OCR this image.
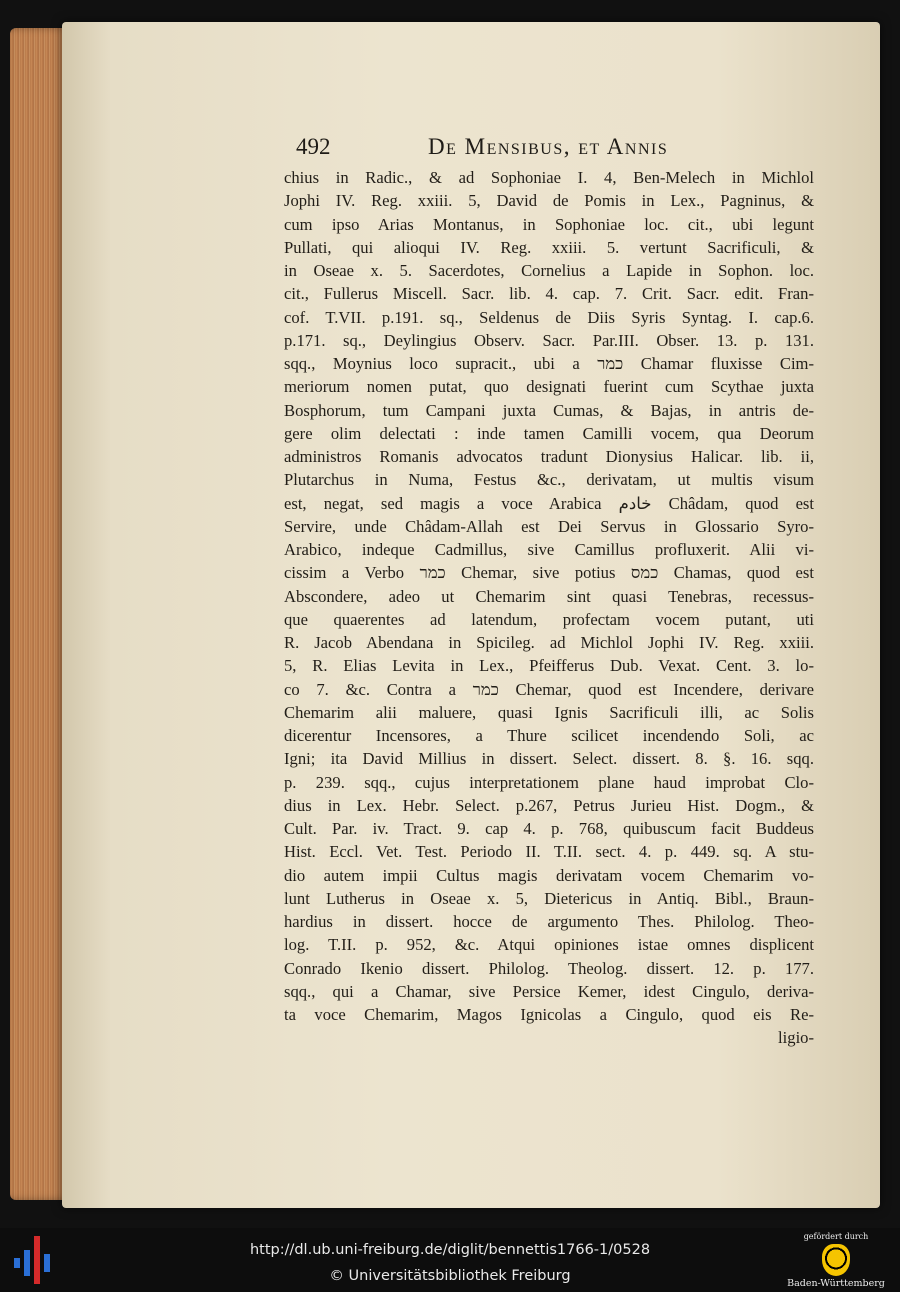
492	De Mensibus, et Annis
chius in Radic., & ad Sophoniae I. 4, Ben-Melech in Michlol
Jophi IV. Reg. xxiii. 5, David de Pomis in Lex., Pagninus, &
cum ipso Arias Montanus, in Sophoniae loc. cit., ubi legunt
Pullati, qui alioqui IV. Reg. xxiii. 5. vertunt Sacrificuli, &
in Oseae x. 5. Sacerdotes, Cornelius a Lapide in Sophon. loc.
cit., Fullerus Miscell. Sacr. lib. 4. cap. 7. Crit. Sacr. edit. Fran-
cof. T.VII. p.191. sq., Seldenus de Diis Syris Syntag. I. cap.6.
p.171. sq., Deylingius Observ. Sacr. Par.III. Obser. 13. p. 131.
sqq., Moynius loco supracit., ubi a כמר Chamar fluxisse Cim-
meriorum nomen putat, quo designati fuerint cum Scythae juxta
Bosphorum, tum Campani juxta Cumas, & Bajas, in antris de-
gere olim delectati : inde tamen Camilli vocem, qua Deorum
administros Romanis advocatos tradunt Dionysius Halicar. lib. ii,
Plutarchus in Numa, Festus &c., derivatam, ut multis visum
est, negat, sed magis a voce Arabica خادم Châdam, quod est
Servire, unde Châdam-Allah est Dei Servus in Glossario Syro-
Arabico, indeque Cadmillus, sive Camillus profluxerit. Alii vi-
cissim a Verbo כמר Chemar, sive potius כמס Chamas, quod est
Abscondere, adeo ut Chemarim sint quasi Tenebras, recessus-
que quaerentes ad latendum, profectam vocem putant, uti
R. Jacob Abendana in Spicileg. ad Michlol Jophi IV. Reg. xxiii.
5, R. Elias Levita in Lex., Pfeifferus Dub. Vexat. Cent. 3. lo-
co 7. &c. Contra a כמר Chemar, quod est Incendere, derivare
Chemarim alii maluere, quasi Ignis Sacrificuli illi, ac Solis
dicerentur Incensores, a Thure scilicet incendendo Soli, ac
Igni; ita David Millius in dissert. Select. dissert. 8. §. 16. sqq.
p. 239. sqq., cujus interpretationem plane haud improbat Clo-
dius in Lex. Hebr. Select. p.267, Petrus Jurieu Hist. Dogm., &
Cult. Par. iv. Tract. 9. cap 4. p. 768, quibuscum facit Buddeus
Hist. Eccl. Vet. Test. Periodo II. T.II. sect. 4. p. 449. sq. A stu-
dio autem impii Cultus magis derivatam vocem Chemarim vo-
lunt Lutherus in Oseae x. 5, Dietericus in Antiq. Bibl., Braun-
hardius in dissert. hocce de argumento Thes. Philolog. Theo-
log. T.II. p. 952, &c. Atqui opiniones istae omnes displicent
Conrado Ikenio dissert. Philolog. Theolog. dissert. 12. p. 177.
sqq., qui a Chamar, sive Persice Kemer, idest Cingulo, deriva-
ta voce Chemarim, Magos Ignicolas a Cingulo, quod eis Re-
ligio-
http://dl.ub.uni-freiburg.de/diglit/bennettis1766-1/0528
© Universitätsbibliothek Freiburg
gefördert durch
Baden-Württemberg
